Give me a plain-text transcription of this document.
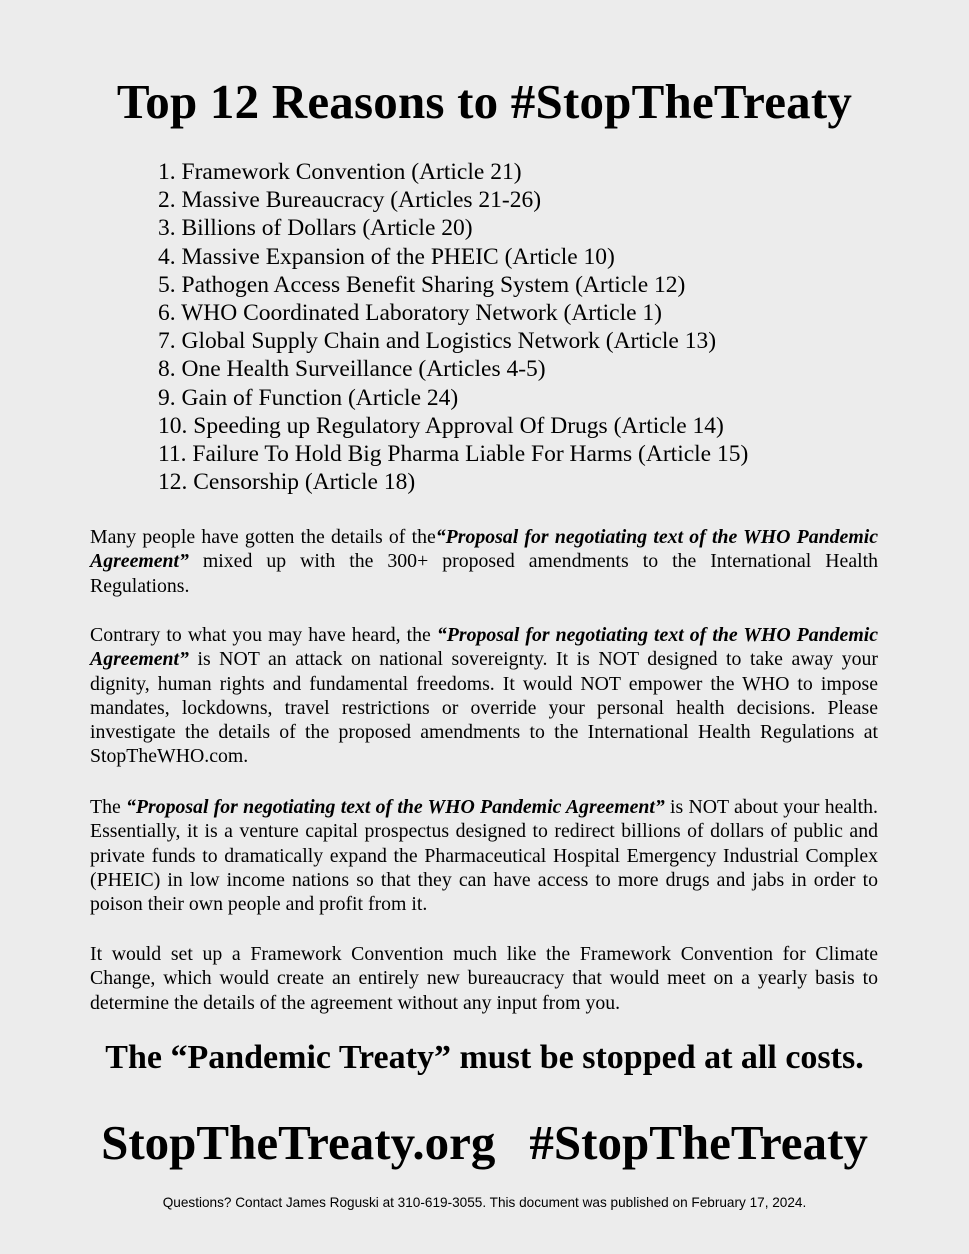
Top 12 Reasons to #StopTheTreaty
1. Framework Convention (Article 21)
2. Massive Bureaucracy (Articles 21-26)
3. Billions of Dollars (Article 20)
4. Massive Expansion of the PHEIC (Article 10)
5. Pathogen Access Benefit Sharing System (Article 12)
6. WHO Coordinated Laboratory Network (Article 1)
7. Global Supply Chain and Logistics Network (Article 13)
8. One Health Surveillance (Articles 4-5)
9. Gain of Function (Article 24)
10. Speeding up Regulatory Approval Of Drugs (Article 14)
11. Failure To Hold Big Pharma Liable For Harms (Article 15)
12. Censorship (Article 18)

Many people have gotten the details of the“Proposal for negotiating text of the WHO Pandemic Agreement” mixed up with the 300+ proposed amendments to the International Health Regulations.

Contrary to what you may have heard, the “Proposal for negotiating text of the WHO Pandemic Agreement” is NOT an attack on national sovereignty. It is NOT designed to take away your dignity, human rights and fundamental freedoms. It would NOT empower the WHO to impose mandates, lockdowns, travel restrictions or override your personal health decisions. Please investigate the details of the proposed amendments to the International Health Regulations at StopTheWHO.com.

The “Proposal for negotiating text of the WHO Pandemic Agreement” is NOT about your health. Essentially, it is a venture capital prospectus designed to redirect billions of dollars of public and private funds to dramatically expand the Pharmaceutical Hospital Emergency Industrial Complex (PHEIC) in low income nations so that they can have access to more drugs and jabs in order to poison their own people and profit from it.

It would set up a Framework Convention much like the Framework Convention for Climate Change, which would create an entirely new bureaucracy that would meet on a yearly basis to determine the details of the agreement without any input from you.

The “Pandemic Treaty” must be stopped at all costs.

StopTheTreaty.org #StopTheTreaty

Questions? Contact James Roguski at 310-619-3055. This document was published on February 17, 2024.
